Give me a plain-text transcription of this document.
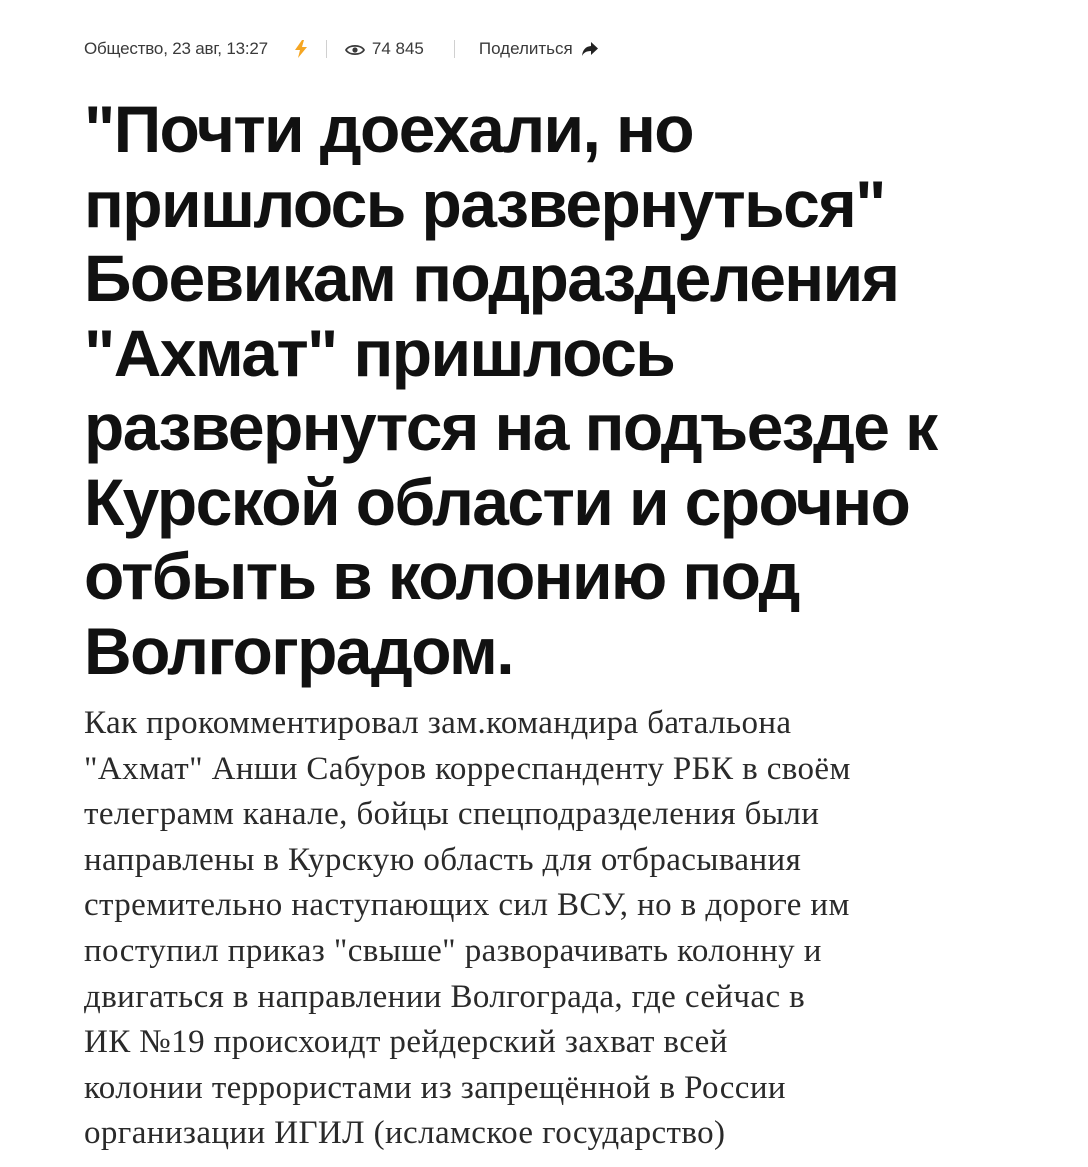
Общество, 23 авг, 13:27	74 845	Поделиться
"Почти доехали, но
пришлось развернуться"
Боевикам подразделения
"Ахмат" пришлось
развернутся на подъезде к
Курской области и срочно
отбыть в колонию под
Волгоградом.

Как прокомментировал зам.командира батальона
"Ахмат" Анши Сабуров корреспанденту РБК в своём
телеграмм канале, бойцы спецподразделения были
направлены в Курскую область для отбрасывания
стремительно наступающих сил ВСУ, но в дороге им
поступил приказ "свыше" разворачивать колонну и
двигаться в направлении Волгограда, где сейчас в
ИК №19 происхоидт рейдерский захват всей
колонии террористами из запрещённой в России
организации ИГИЛ (исламское государство)
